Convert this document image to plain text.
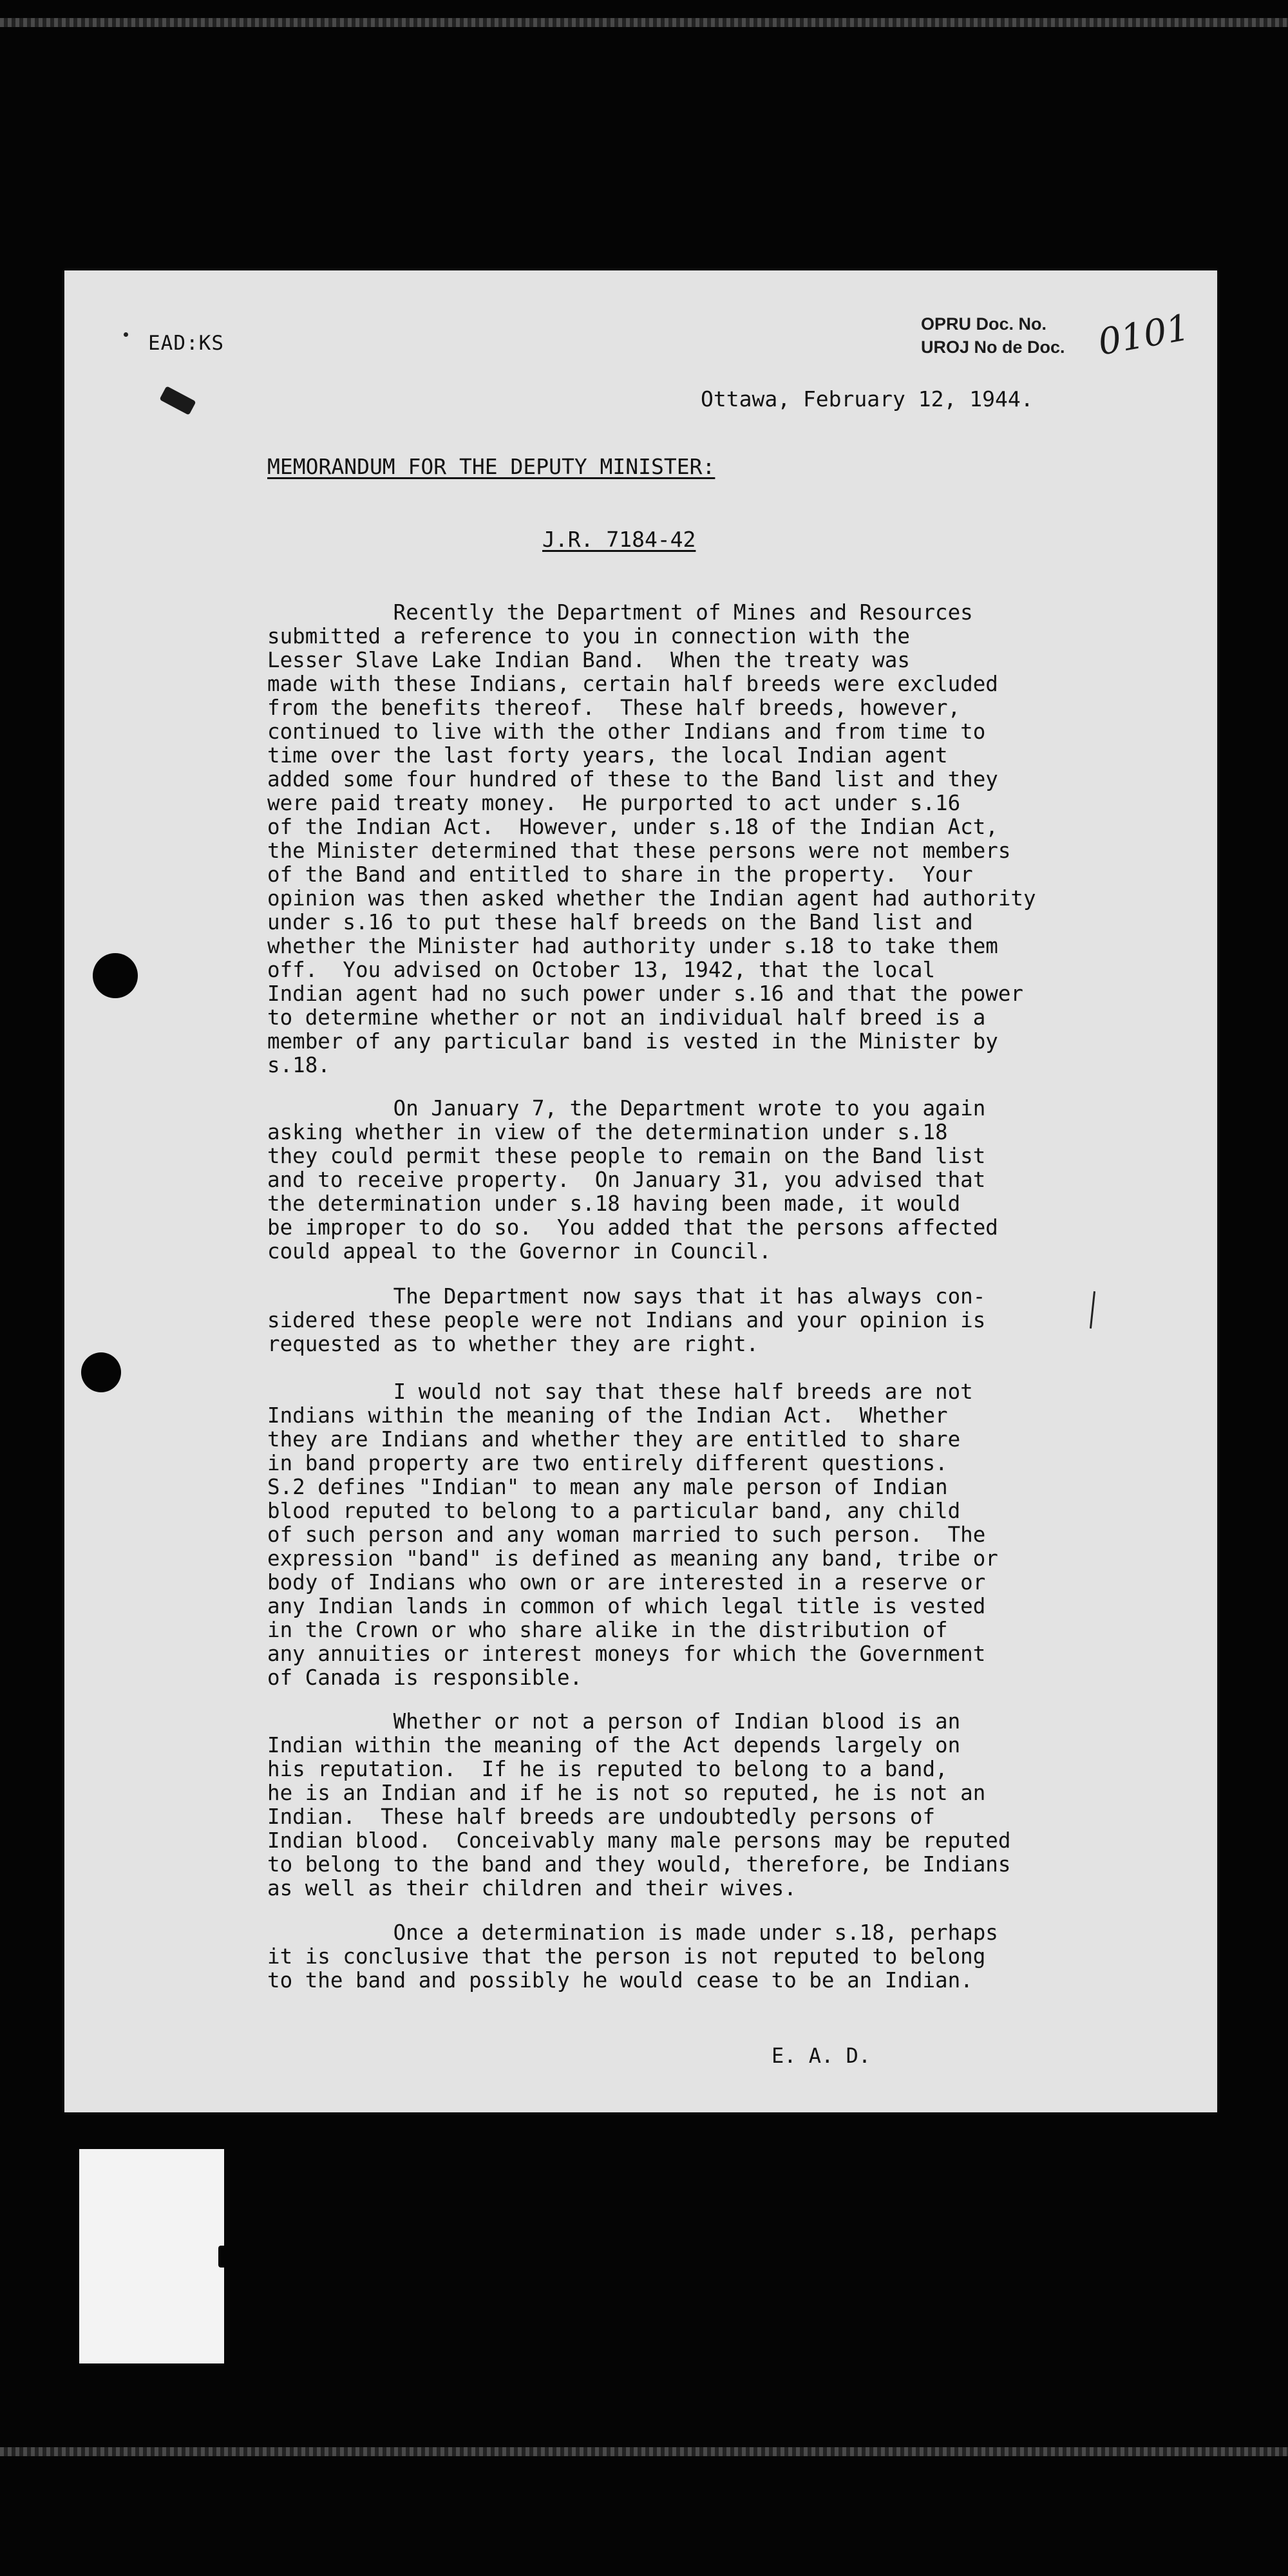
EAD:KS
OPRU Doc. No.
UROJ No de Doc. 0101
Ottawa, February 12, 1944.
MEMORANDUM FOR THE DEPUTY MINISTER:
J.R. 7184-42
Recently the Department of Mines and Resources
submitted a reference to you in connection with the
Lesser Slave Lake Indian Band.  When the treaty was
made with these Indians, certain half breeds were excluded
from the benefits thereof.  These half breeds, however,
continued to live with the other Indians and from time to
time over the last forty years, the local Indian agent
added some four hundred of these to the Band list and they
were paid treaty money.  He purported to act under s.16
of the Indian Act.  However, under s.18 of the Indian Act,
the Minister determined that these persons were not members
of the Band and entitled to share in the property.  Your
opinion was then asked whether the Indian agent had authority
under s.16 to put these half breeds on the Band list and
whether the Minister had authority under s.18 to take them
off.  You advised on October 13, 1942, that the local
Indian agent had no such power under s.16 and that the power
to determine whether or not an individual half breed is a
member of any particular band is vested in the Minister by
s.18.
On January 7, the Department wrote to you again
asking whether in view of the determination under s.18
they could permit these people to remain on the Band list
and to receive property.  On January 31, you advised that
the determination under s.18 having been made, it would
be improper to do so.  You added that the persons affected
could appeal to the Governor in Council.
The Department now says that it has always con-
sidered these people were not Indians and your opinion is
requested as to whether they are right.
I would not say that these half breeds are not
Indians within the meaning of the Indian Act.  Whether
they are Indians and whether they are entitled to share
in band property are two entirely different questions.
S.2 defines "Indian" to mean any male person of Indian
blood reputed to belong to a particular band, any child
of such person and any woman married to such person.  The
expression "band" is defined as meaning any band, tribe or
body of Indians who own or are interested in a reserve or
any Indian lands in common of which legal title is vested
in the Crown or who share alike in the distribution of
any annuities or interest moneys for which the Government
of Canada is responsible.
Whether or not a person of Indian blood is an
Indian within the meaning of the Act depends largely on
his reputation.  If he is reputed to belong to a band,
he is an Indian and if he is not so reputed, he is not an
Indian.  These half breeds are undoubtedly persons of
Indian blood.  Conceivably many male persons may be reputed
to belong to the band and they would, therefore, be Indians
as well as their children and their wives.
Once a determination is made under s.18, perhaps
it is conclusive that the person is not reputed to belong
to the band and possibly he would cease to be an Indian.
E. A. D.
